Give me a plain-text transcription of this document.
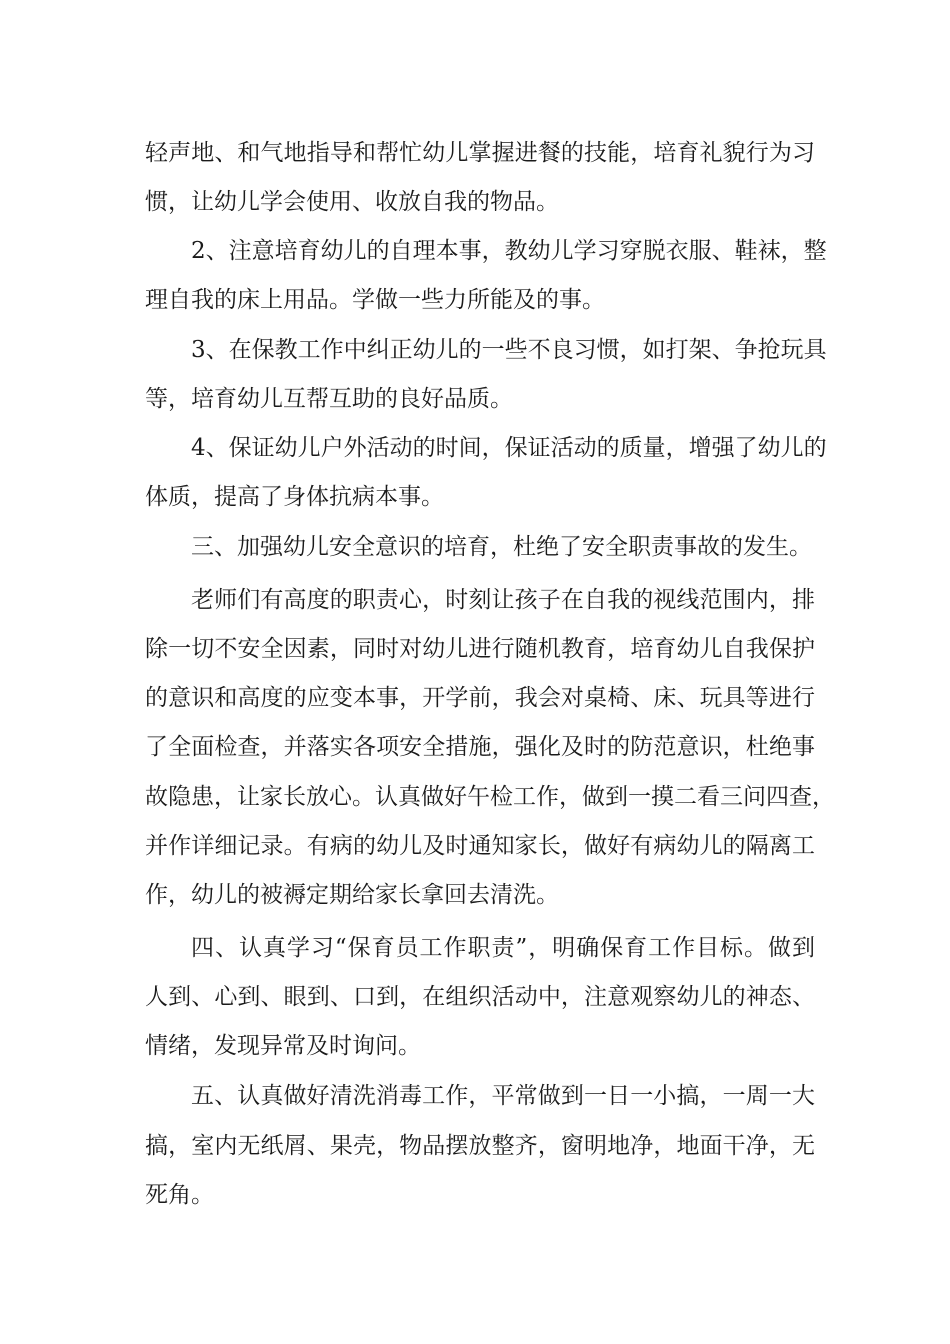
轻声地、和气地指导和帮忙幼儿掌握进餐的技能，培育礼貌行为习
惯，让幼儿学会使用、收放自我的物品。
2、注意培育幼儿的自理本事，教幼儿学习穿脱衣服、鞋袜，整
理自我的床上用品。学做一些力所能及的事。
3、在保教工作中纠正幼儿的一些不良习惯，如打架、争抢玩具
等，培育幼儿互帮互助的良好品质。
4、保证幼儿户外活动的时间，保证活动的质量，增强了幼儿的
体质，提高了身体抗病本事。
三、加强幼儿安全意识的培育，杜绝了安全职责事故的发生。
老师们有高度的职责心，时刻让孩子在自我的视线范围内，排
除一切不安全因素，同时对幼儿进行随机教育，培育幼儿自我保护
的意识和高度的应变本事，开学前，我会对桌椅、床、玩具等进行
了全面检查，并落实各项安全措施，强化及时的防范意识，杜绝事
故隐患，让家长放心。认真做好午检工作，做到一摸二看三问四查，
并作详细记录。有病的幼儿及时通知家长，做好有病幼儿的隔离工
作，幼儿的被褥定期给家长拿回去清洗。
四、认真学习“保育员工作职责”，明确保育工作目标。做到
人到、心到、眼到、口到，在组织活动中，注意观察幼儿的神态、
情绪，发现异常及时询问。
五、认真做好清洗消毒工作，平常做到一日一小搞，一周一大
搞，室内无纸屑、果壳，物品摆放整齐，窗明地净，地面干净，无
死角。
